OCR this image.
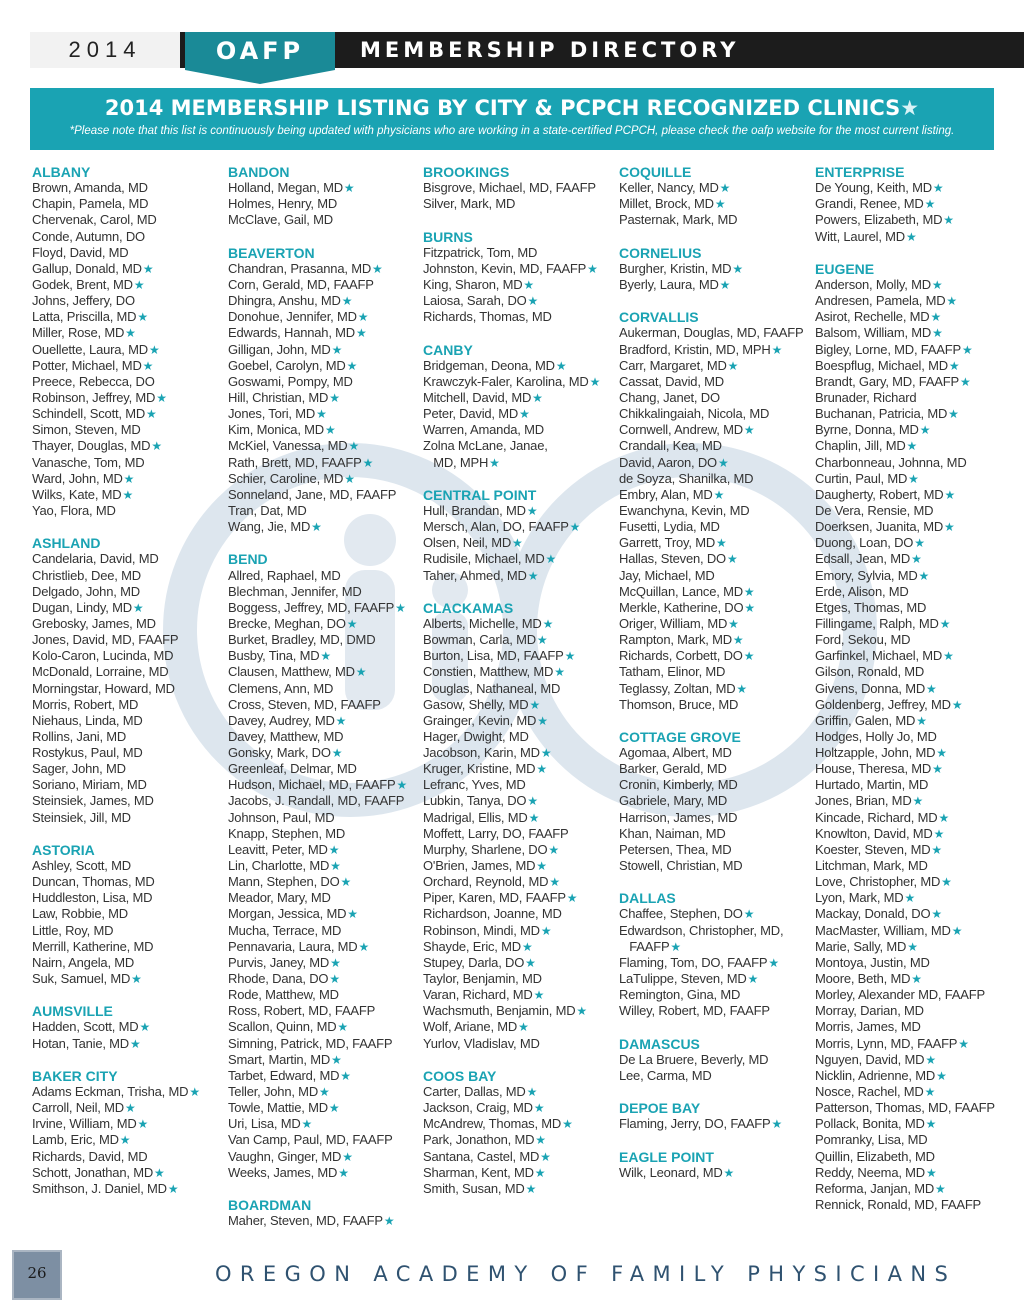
2014	OAFP	MEMBERSHIP DIRECTORY
2014 MEMBERSHIP LISTING BY CITY & PCPCH RECOGNIZED CLINICS★
*Please note that this list is continuously being updated with physicians who are working in a state-certified PCPCH, please check the oafp website for the most current listing.
ALBANY
Brown, Amanda, MD
Chapin, Pamela, MD
Chervenak, Carol, MD
Conde, Autumn, DO
Floyd, David, MD
Gallup, Donald, MD★
Godek, Brent, MD★
Johns, Jeffery, DO
Latta, Priscilla, MD★
Miller, Rose, MD★
Ouellette, Laura, MD★
Potter, Michael, MD★
Preece, Rebecca, DO
Robinson, Jeffrey, MD★
Schindell, Scott, MD★
Simon, Steven, MD
Thayer, Douglas, MD★
Vanasche, Tom, MD
Ward, John, MD★
Wilks, Kate, MD★
Yao, Flora, MD
ASHLAND
Candelaria, David, MD
Christlieb, Dee, MD
Delgado, John, MD
Dugan, Lindy, MD★
Grebosky, James, MD
Jones, David, MD, FAAFP
Kolo-Caron, Lucinda, MD
McDonald, Lorraine, MD
Morningstar, Howard, MD
Morris, Robert, MD
Niehaus, Linda, MD
Rollins, Jani, MD
Rostykus, Paul, MD
Sager, John, MD
Soriano, Miriam, MD
Steinsiek, James, MD
Steinsiek, Jill, MD
ASTORIA
Ashley, Scott, MD
Duncan, Thomas, MD
Huddleston, Lisa, MD
Law, Robbie, MD
Little, Roy, MD
Merrill, Katherine, MD
Nairn, Angela, MD
Suk, Samuel, MD★
AUMSVILLE
Hadden, Scott, MD★
Hotan, Tanie, MD★
BAKER CITY
Adams Eckman, Trisha, MD★
Carroll, Neil, MD★
Irvine, William, MD★
Lamb, Eric, MD★
Richards, David, MD
Schott, Jonathan, MD★
Smithson, J. Daniel, MD★
BANDON
Holland, Megan, MD★
Holmes, Henry, MD
McClave, Gail, MD
BEAVERTON
Chandran, Prasanna, MD★
Corn, Gerald, MD, FAAFP
Dhingra, Anshu, MD★
Donohue, Jennifer, MD★
Edwards, Hannah, MD★
Gilligan, John, MD★
Goebel, Carolyn, MD★
Goswami, Pompy, MD
Hill, Christian, MD★
Jones, Tori, MD★
Kim, Monica, MD★
McKiel, Vanessa, MD★
Rath, Brett, MD, FAAFP★
Schier, Caroline, MD★
Sonneland, Jane, MD, FAAFP
Tran, Dat, MD
Wang, Jie, MD★
BEND
Allred, Raphael, MD
Blechman, Jennifer, MD
Boggess, Jeffrey, MD, FAAFP★
Brecke, Meghan, DO★
Burket, Bradley, MD, DMD
Busby, Tina, MD★
Clausen, Matthew, MD★
Clemens, Ann, MD
Cross, Steven, MD, FAAFP
Davey, Audrey, MD★
Davey, Matthew, MD
Gonsky, Mark, DO★
Greenleaf, Delmar, MD
Hudson, Michael, MD, FAAFP★
Jacobs, J. Randall, MD, FAAFP
Johnson, Paul, MD
Knapp, Stephen, MD
Leavitt, Peter, MD★
Lin, Charlotte, MD★
Mann, Stephen, DO★
Meador, Mary, MD
Morgan, Jessica, MD★
Mucha, Terrace, MD
Pennavaria, Laura, MD★
Purvis, Janey, MD★
Rhode, Dana, DO★
Rode, Matthew, MD
Ross, Robert, MD, FAAFP
Scallon, Quinn, MD★
Simning, Patrick, MD, FAAFP
Smart, Martin, MD★
Tarbet, Edward, MD★
Teller, John, MD★
Towle, Mattie, MD★
Uri, Lisa, MD★
Van Camp, Paul, MD, FAAFP
Vaughn, Ginger, MD★
Weeks, James, MD★
BOARDMAN
Maher, Steven, MD, FAAFP★
BROOKINGS
Bisgrove, Michael, MD, FAAFP
Silver, Mark, MD
BURNS
Fitzpatrick, Tom, MD
Johnston, Kevin, MD, FAAFP★
King, Sharon, MD★
Laiosa, Sarah, DO★
Richards, Thomas, MD
CANBY
Bridgeman, Deona, MD★
Krawczyk-Faler, Karolina, MD★
Mitchell, David, MD★
Peter, David, MD★
Warren, Amanda, MD
Zolna McLane, Janae,
MD, MPH★
CENTRAL POINT
Hull, Brandan, MD★
Mersch, Alan, DO, FAAFP★
Olsen, Neil, MD★
Rudisile, Michael, MD★
Taher, Ahmed, MD★
CLACKAMAS
Alberts, Michelle, MD★
Bowman, Carla, MD★
Burton, Lisa, MD, FAAFP★
Constien, Matthew, MD★
Douglas, Nathaneal, MD
Gasow, Shelly, MD★
Grainger, Kevin, MD★
Hager, Dwight, MD
Jacobson, Karin, MD★
Kruger, Kristine, MD★
Lefranc, Yves, MD
Lubkin, Tanya, DO★
Madrigal, Ellis, MD★
Moffett, Larry, DO, FAAFP
Murphy, Sharlene, DO★
O'Brien, James, MD★
Orchard, Reynold, MD★
Piper, Karen, MD, FAAFP★
Richardson, Joanne, MD
Robinson, Mindi, MD★
Shayde, Eric, MD★
Stupey, Darla, DO★
Taylor, Benjamin, MD
Varan, Richard, MD★
Wachsmuth, Benjamin, MD★
Wolf, Ariane, MD★
Yurlov, Vladislav, MD
COOS BAY
Carter, Dallas, MD★
Jackson, Craig, MD★
McAndrew, Thomas, MD★
Park, Jonathon, MD★
Santana, Castel, MD★
Sharman, Kent, MD★
Smith, Susan, MD★
COQUILLE
Keller, Nancy, MD★
Millet, Brock, MD★
Pasternak, Mark, MD
CORNELIUS
Burgher, Kristin, MD★
Byerly, Laura, MD★
CORVALLIS
Aukerman, Douglas, MD, FAAFP
Bradford, Kristin, MD, MPH★
Carr, Margaret, MD★
Cassat, David, MD
Chang, Janet, DO
Chikkalingaiah, Nicola, MD
Cornwell, Andrew, MD★
Crandall, Kea, MD
David, Aaron, DO★
de Soyza, Shanilka, MD
Embry, Alan, MD★
Ewanchyna, Kevin, MD
Fusetti, Lydia, MD
Garrett, Troy, MD★
Hallas, Steven, DO★
Jay, Michael, MD
McQuillan, Lance, MD★
Merkle, Katherine, DO★
Origer, William, MD★
Rampton, Mark, MD★
Richards, Corbett, DO★
Tatham, Elinor, MD
Teglassy, Zoltan, MD★
Thomson, Bruce, MD
COTTAGE GROVE
Agomaa, Albert, MD
Barker, Gerald, MD
Cronin, Kimberly, MD
Gabriele, Mary, MD
Harrison, James, MD
Khan, Naiman, MD
Petersen, Thea, MD
Stowell, Christian, MD
DALLAS
Chaffee, Stephen, DO★
Edwardson, Christopher, MD,
FAAFP★
Flaming, Tom, DO, FAAFP★
LaTulippe, Steven, MD★
Remington, Gina, MD
Willey, Robert, MD, FAAFP
DAMASCUS
De La Bruere, Beverly, MD
Lee, Carma, MD
DEPOE BAY
Flaming, Jerry, DO, FAAFP★
EAGLE POINT
Wilk, Leonard, MD★
ENTERPRISE
De Young, Keith, MD★
Grandi, Renee, MD★
Powers, Elizabeth, MD★
Witt, Laurel, MD★
EUGENE
Anderson, Molly, MD★
Andresen, Pamela, MD★
Asirot, Rechelle, MD★
Balsom, William, MD★
Bigley, Lorne, MD, FAAFP★
Boespflug, Michael, MD★
Brandt, Gary, MD, FAAFP★
Brunader, Richard
Buchanan, Patricia, MD★
Byrne, Donna, MD★
Chaplin, Jill, MD★
Charbonneau, Johnna, MD
Curtin, Paul, MD★
Daugherty, Robert, MD★
De Vera, Rensie, MD
Doerksen, Juanita, MD★
Duong, Loan, DO★
Edsall, Jean, MD★
Emory, Sylvia, MD★
Erde, Alison, MD
Etges, Thomas, MD
Fillingame, Ralph, MD★
Ford, Sekou, MD
Garfinkel, Michael, MD★
Gilson, Ronald, MD
Givens, Donna, MD★
Goldenberg, Jeffrey, MD★
Griffin, Galen, MD★
Hodges, Holly Jo, MD
Holtzapple, John, MD★
House, Theresa, MD★
Hurtado, Martin, MD
Jones, Brian, MD★
Kincade, Richard, MD★
Knowlton, David, MD★
Koester, Steven, MD★
Litchman, Mark, MD
Love, Christopher, MD★
Lyon, Mark, MD★
Mackay, Donald, DO★
MacMaster, William, MD★
Marie, Sally, MD★
Montoya, Justin, MD
Moore, Beth, MD★
Morley, Alexander MD, FAAFP
Morray, Darian, MD
Morris, James, MD
Morris, Lynn, MD, FAAFP★
Nguyen, David, MD★
Nicklin, Adrienne, MD★
Nosce, Rachel, MD★
Patterson, Thomas, MD, FAAFP
Pollack, Bonita, MD★
Pomranky, Lisa, MD
Quillin, Elizabeth, MD
Reddy, Neema, MD★
Reforma, Janjan, MD★
Rennick, Ronald, MD, FAAFP
26	OREGON ACADEMY OF FAMILY PHYSICIANS
